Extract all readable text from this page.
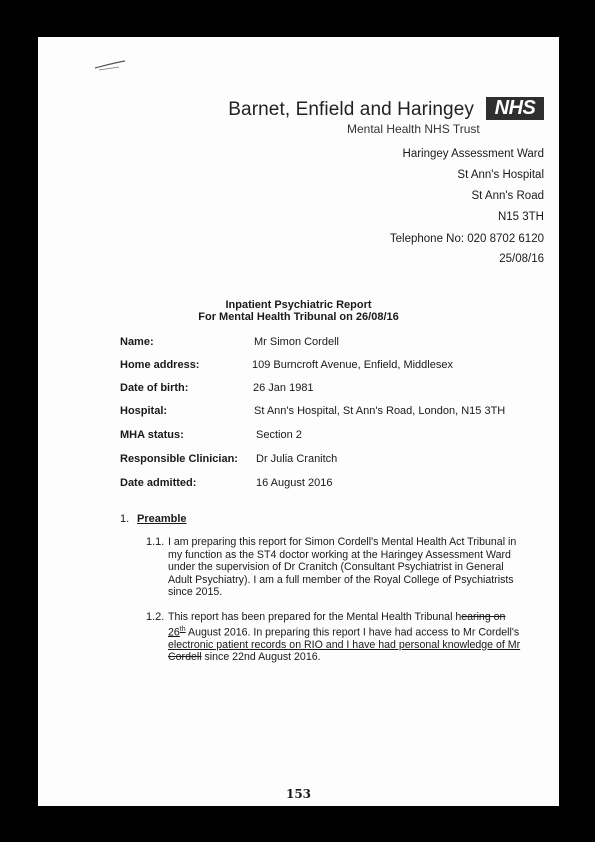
Barnet, Enfield and Haringey	NHS
Mental Health NHS Trust
Haringey Assessment Ward
St Ann's Hospital
St Ann's Road
N15 3TH
Telephone No: 020 8702 6120
25/08/16
Inpatient Psychiatric Report
For Mental Health Tribunal on 26/08/16
Name:	Mr Simon Cordell
Home address:	109 Burncroft Avenue, Enfield, Middlesex
Date of birth:	26 Jan 1981
Hospital:	St Ann's Hospital, St Ann's Road, London, N15 3TH
MHA status:	Section 2
Responsible Clinician: Dr Julia Cranitch
Date admitted:	16 August 2016
1. Preamble
1.1. I am preparing this report for Simon Cordell's Mental Health Act Tribunal in
my function as the ST4 doctor working at the Haringey Assessment Ward
under the supervision of Dr Cranitch (Consultant Psychiatrist in General
Adult Psychiatry). I am a full member of the Royal College of Psychiatrists
since 2015.
1.2. This report has been prepared for the Mental Health Tribunal hearing on
26th August 2016. In preparing this report I have had access to Mr Cordell's
electronic patient records on RIO and I have had personal knowledge of Mr
Cordell since 22nd August 2016.
153
